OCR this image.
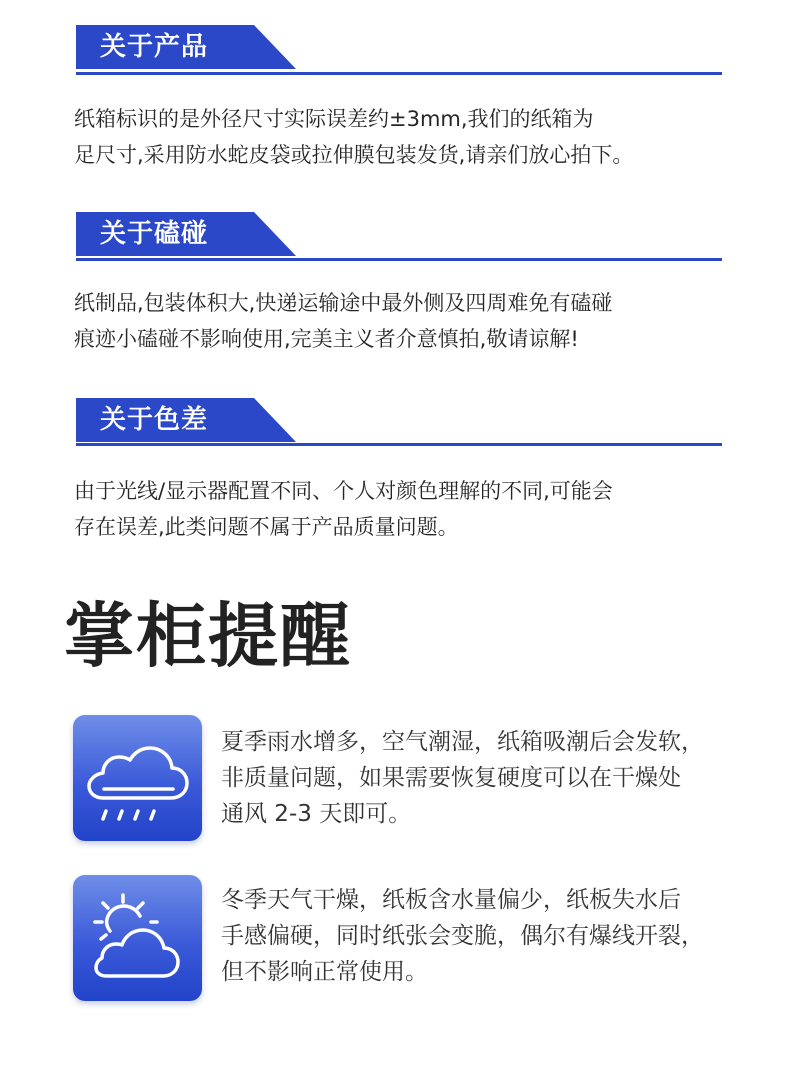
关于产品
纸箱标识的是外径尺寸实际误差约±3mm,我们的纸箱为
足尺寸,采用防水蛇皮袋或拉伸膜包装发货,请亲们放心拍下。
关于磕碰
纸制品,包装体积大,快递运输途中最外侧及四周难免有磕碰
痕迹小磕碰不影响使用,完美主义者介意慎拍,敬请谅解!
关于色差
由于光线/显示器配置不同、个人对颜色理解的不同,可能会
存在误差,此类问题不属于产品质量问题。
掌柜提醒
夏季雨水增多，空气潮湿，纸箱吸潮后会发软，
非质量问题，如果需要恢复硬度可以在干燥处
通风 2-3 天即可。
冬季天气干燥，纸板含水量偏少，纸板失水后
手感偏硬，同时纸张会变脆，偶尔有爆线开裂，
但不影响正常使用。
